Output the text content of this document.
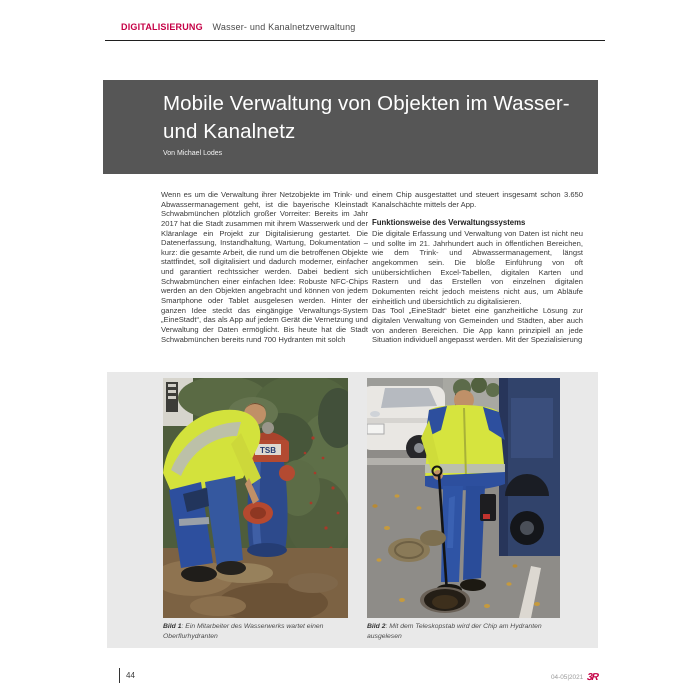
DIGITALISIERUNG Wasser- und Kanalnetzverwaltung
Mobile Verwaltung von Objekten im Wasser- und Kanalnetz
Von Michael Lodes

Wenn es um die Verwaltung ihrer Netzobjekte im Trink- und Abwassermanagement geht, ist die bayerische Kleinstadt Schwabmünchen plötzlich großer Vorreiter: Bereits im Jahr 2017 hat die Stadt zusammen mit ihrem Wasserwerk und der Kläranlage ein Projekt zur Digitalisierung gestartet. Die Datenerfassung, Instandhaltung, Wartung, Dokumentation – kurz: die gesamte Arbeit, die rund um die betroffenen Objekte stattfindet, soll digitalisiert und dadurch moderner, einfacher und garantiert rechtssicher werden. Dabei bedient sich Schwabmünchen einer einfachen Idee: Robuste NFC-Chips werden an den Objekten angebracht und können von jedem Smartphone oder Tablet ausgelesen werden. Hinter der ganzen Idee steckt das eingängige Verwaltungs-System „EineStadt“, das als App auf jedem Gerät die Vernetzung und Verwaltung der Daten ermöglicht. Bis heute hat die Stadt Schwabmünchen bereits rund 700 Hydranten mit solch

einem Chip ausgestattet und steuert insgesamt schon 3.650 Kanalschächte mittels der App.

Funktionsweise des Verwaltungssystems

Die digitale Erfassung und Verwaltung von Daten ist nicht neu und sollte im 21. Jahrhundert auch in öffentlichen Bereichen, wie dem Trink- und Abwassermanagement, längst angekommen sein. Die bloße Einführung von oft unübersichtlichen Excel-Tabellen, digitalen Karten und Rastern und das Erstellen von einzelnen digitalen Dokumenten reicht jedoch meistens nicht aus, um Abläufe einheitlich und übersichtlich zu digitalisieren.

Das Tool „EineStadt“ bietet eine ganzheitliche Lösung zur digitalen Verwaltung von Gemeinden und Städten, aber auch von anderen Bereichen. Die App kann prinzipiell an jede Situation individuell angepasst werden. Mit der Spezialisierung

TSB
Bild 1: Ein Mitarbeiter des Wasserwerks wartet einen Oberflurhydranten
Bild 2: Mit dem Teleskopstab wird der Chip am Hydranten ausgelesen
44	04-05|2021 3R
